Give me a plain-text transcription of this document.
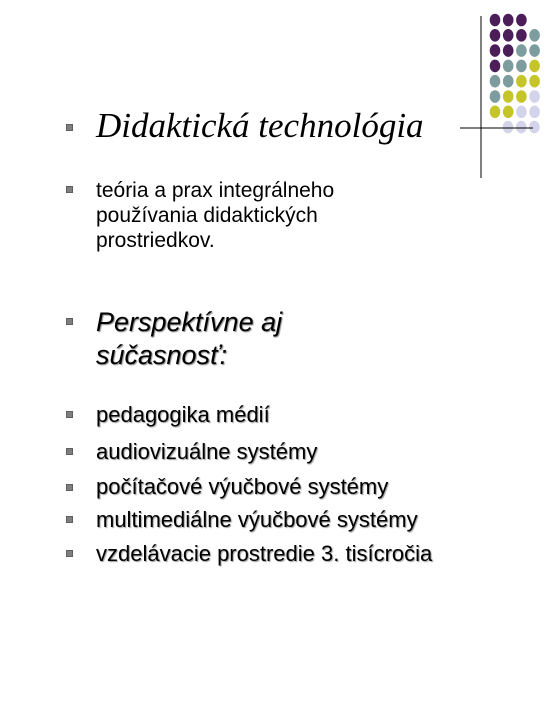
Didaktická technológia
teória a prax integrálneho
používania didaktických
prostriedkov.
Perspektívne aj
súčasnosť:
pedagogika médií
audiovizuálne systémy
počítačové výučbové systémy
multimediálne výučbové systémy
vzdelávacie prostredie 3. tisícročia
